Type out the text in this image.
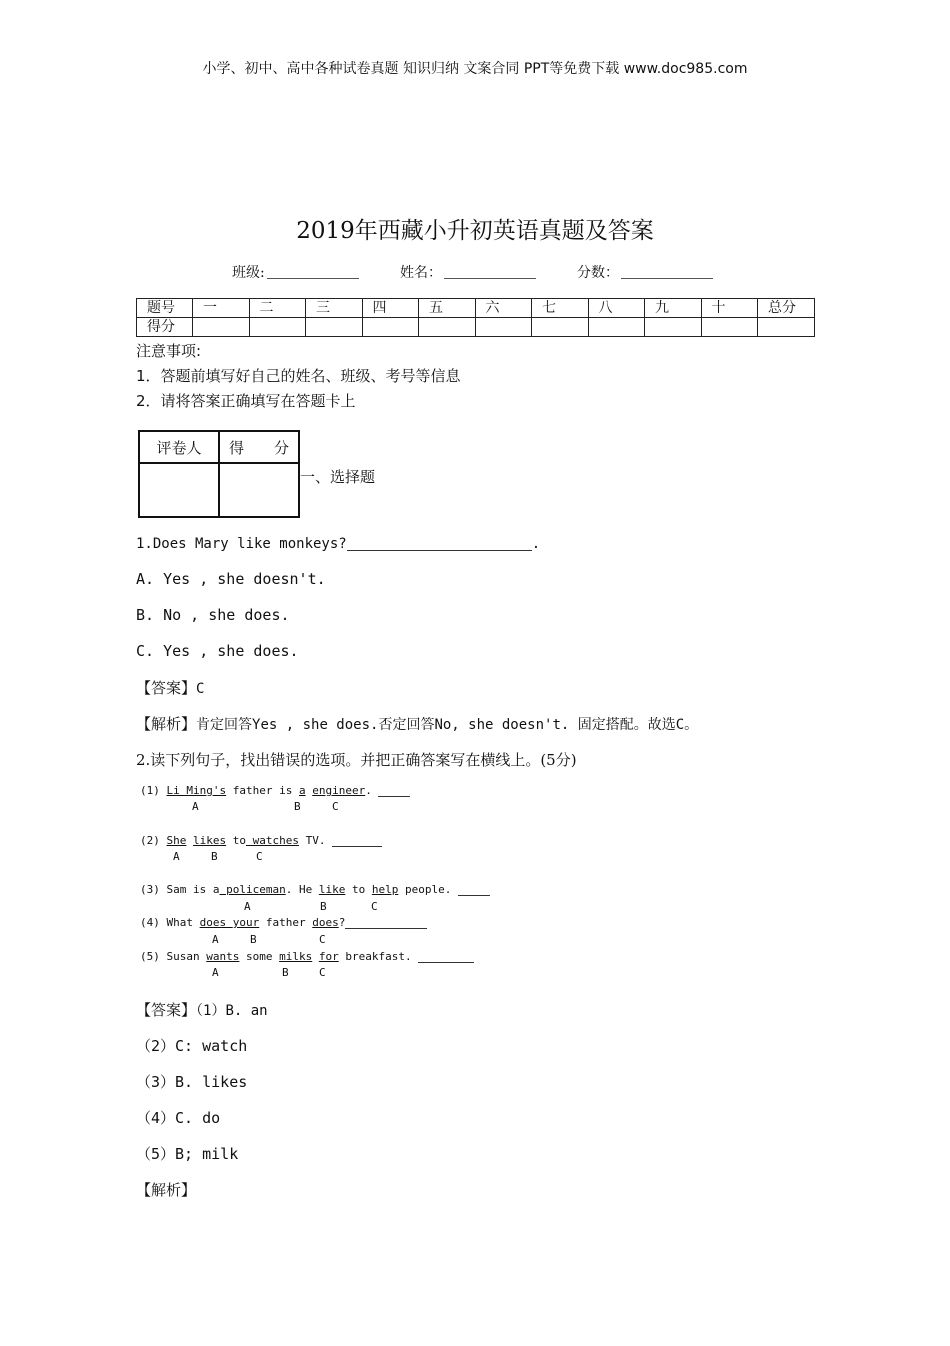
小学、初中、高中各种试卷真题 知识归纳 文案合同 PPT等免费下载 www.doc985.com
2019年西藏小升初英语真题及答案
班级:	姓名：	分数：
题号	一	二	三	四	五	六	七	八	九	十	总分
得分											
注意事项:
1．答题前填写好自己的姓名、班级、考号等信息
2．请将答案正确填写在答题卡上
评卷人	得　　分

一、选择题
1.Does Mary like monkeys?	.
A. Yes , she doesn't.
B. No , she does.
C. Yes , she does.
【答案】C
【解析】肯定回答Yes , she does.否定回答No, she doesn't. 固定搭配。故选C。
2.读下列句子，找出错误的选项。并把正确答案写在横线上。(5分)
(1) Li Ming's father is a engineer.
A	B	C
(2) She likes to watches TV.
A	B	C
(3) Sam is a policeman. He like to help people.
A	B	C
(4) What does your father does?
A	B	C
(5) Susan wants some milks for breakfast.
A	B	C
【答案】（1）B. an
（2）C: watch
（3）B. likes
（4）C. do
（5）B; milk
【解析】
